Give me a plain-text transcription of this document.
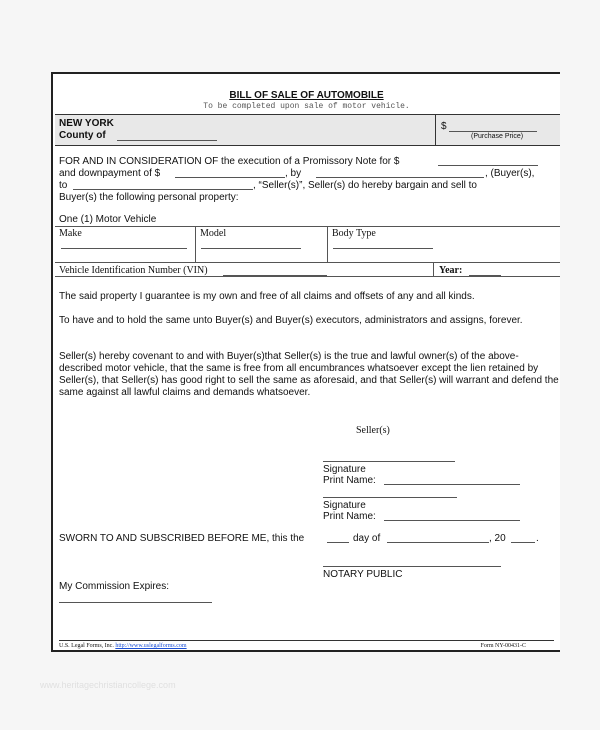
BILL OF SALE OF AUTOMOBILE
To be completed upon sale of motor vehicle.
NEW YORK
County of
$
(Purchase Price)
FOR AND IN CONSIDERATION OF the execution of a Promissory Note for $
and downpayment of $	, by	, (Buyer(s),
to	, “Seller(s)”, Seller(s) do hereby bargain and sell to
Buyer(s) the following personal property:
One (1) Motor Vehicle
Make	Model	Body Type
Vehicle Identification Number (VIN)	Year:
The said property I guarantee is my own and free of all claims and offsets of any and all kinds.
To have and to hold the same unto Buyer(s) and Buyer(s) executors, administrators and assigns, forever.
Seller(s) hereby covenant to and with Buyer(s)that Seller(s) is the true and lawful owner(s) of the above-described motor vehicle, that the same is free from all encumbrances whatsoever except the lien retained by Seller(s), that Seller(s) has good right to sell the same as aforesaid, and that Seller(s) will warrant and defend the same against all lawful claims and demands whatsoever.
Seller(s)
Signature
Print Name:
Signature
Print Name:
SWORN TO AND SUBSCRIBED BEFORE ME, this the	day of	, 20	.
NOTARY PUBLIC
My Commission Expires:
U.S. Legal Forms, Inc. http://www.uslegalforms.com	Form NY-00431-C
www.heritagechristiancollege.com
